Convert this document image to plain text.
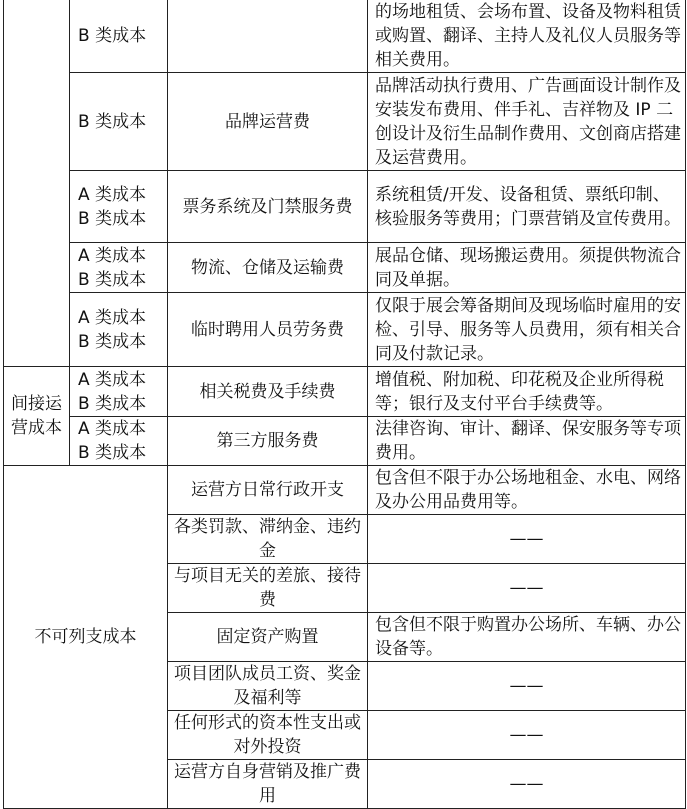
	B 类成本		的场地租赁、会场布置、设备及物料租赁或购置、翻译、主持人及礼仪人员服务等相关费用。

	B 类成本	品牌运营费	品牌活动执行费用、广告画面设计制作及安装发布费用、伴手礼、吉祥物及 IP 二创设计及衍生品制作费用、文创商店搭建及运营费用。

	A 类成本
B 类成本	票务系统及门禁服务费	系统租赁/开发、设备租赁、票纸印制、核验服务等费用；门票营销及宣传费用。

	A 类成本
B 类成本	物流、仓储及运输费	展品仓储、现场搬运费用。须提供物流合同及单据。

	A 类成本
B 类成本	临时聘用人员劳务费	仅限于展会筹备期间及现场临时雇用的安检、引导、服务等人员费用，须有相关合同及付款记录。
间接运营成本	A 类成本
B 类成本	相关税费及手续费	增值税、附加税、印花税及企业所得税等；银行及支付平台手续费等。

	A 类成本
B 类成本	第三方服务费	法律咨询、审计、翻译、保安服务等专项费用。
不可列支成本		运营方日常行政开支	包含但不限于办公场地租金、水电、网络及办公用品费用等。
		各类罚款、滞纳金、违约金	——
		与项目无关的差旅、接待费	——
		固定资产购置	包含但不限于购置办公场所、车辆、办公设备等。
		项目团队成员工资、奖金及福利等	——
		任何形式的资本性支出或对外投资	——
		运营方自身营销及推广费用	——
